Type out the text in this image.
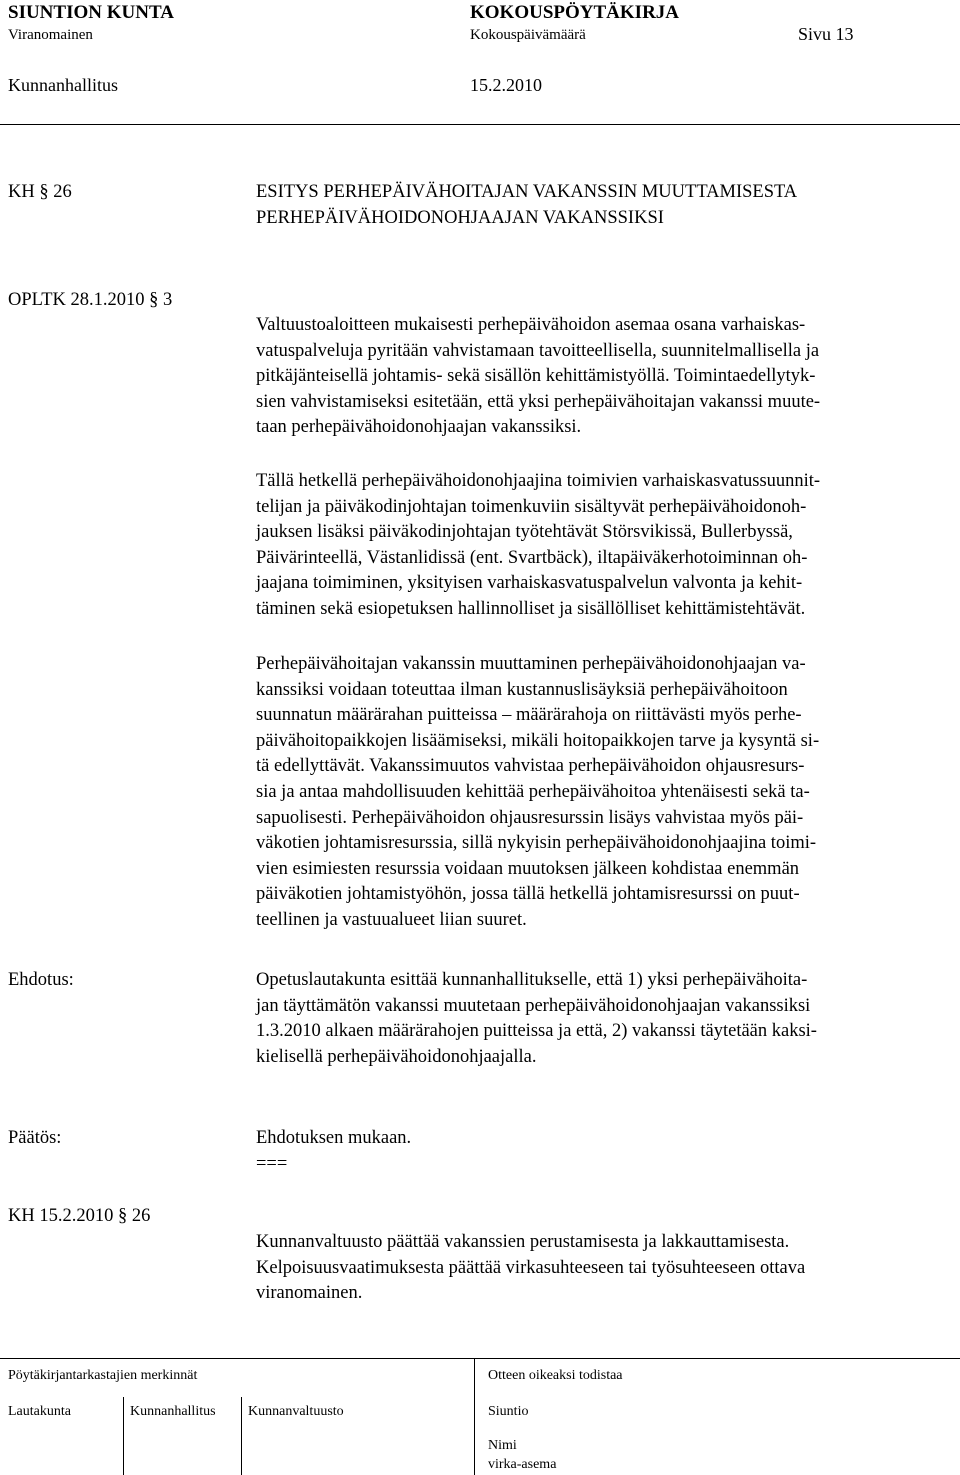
SIUNTION KUNTA	KOKOUSPÖYTÄKIRJA
Viranomainen	Kokouspäivämäärä	Sivu 13
Kunnanhallitus	15.2.2010
KH § 26	ESITYS PERHEPÄIVÄHOITAJAN VAKANSSIN MUUTTAMISESTA
PERHEPÄIVÄHOIDONOHJAAJAN VAKANSSIKSI
OPLTK 28.1.2010 § 3
Valtuustoaloitteen mukaisesti perhepäivähoidon asemaa osana varhaiskas-
vatuspalveluja pyritään vahvistamaan tavoitteellisella, suunnitelmallisella ja
pitkäjänteisellä johtamis- sekä sisällön kehittämistyöllä. Toimintaedellytyk-
sien vahvistamiseksi esitetään, että yksi perhepäivähoitajan vakanssi muute-
taan perhepäivähoidonohjaajan vakanssiksi.
Tällä hetkellä perhepäivähoidonohjaajina toimivien varhaiskasvatussuunnit-
telijan ja päiväkodinjohtajan toimenkuviin sisältyvät perhepäivähoidonoh-
jauksen lisäksi päiväkodinjohtajan työtehtävät Störsvikissä, Bullerbyssä,
Päivärinteellä, Västanlidissä (ent. Svartbäck), iltapäiväkerhotoiminnan oh-
jaajana toimiminen, yksityisen varhaiskasvatuspalvelun valvonta ja kehit-
täminen sekä esiopetuksen hallinnolliset ja sisällölliset kehittämistehtävät.
Perhepäivähoitajan vakanssin muuttaminen perhepäivähoidonohjaajan va-
kanssiksi voidaan toteuttaa ilman kustannuslisäyksiä perhepäivähoitoon
suunnatun määrärahan puitteissa – määrärahoja on riittävästi myös perhe-
päivähoitopaikkojen lisäämiseksi, mikäli hoitopaikkojen tarve ja kysyntä si-
tä edellyttävät. Vakanssimuutos vahvistaa perhepäivähoidon ohjausresurs-
sia ja antaa mahdollisuuden kehittää perhepäivähoitoa yhtenäisesti sekä ta-
sapuolisesti. Perhepäivähoidon ohjausresurssin lisäys vahvistaa myös päi-
väkotien johtamisresurssia, sillä nykyisin perhepäivähoidonohjaajina toimi-
vien esimiesten resurssia voidaan muutoksen jälkeen kohdistaa enemmän
päiväkotien johtamistyöhön, jossa tällä hetkellä johtamisresurssi on puut-
teellinen ja vastuualueet liian suuret.
Ehdotus:	Opetuslautakunta esittää kunnanhallitukselle, että 1) yksi perhepäivähoita-
jan täyttämätön vakanssi muutetaan perhepäivähoidonohjaajan vakanssiksi
1.3.2010 alkaen määrärahojen puitteissa ja että, 2) vakanssi täytetään kaksi-
kielisellä perhepäivähoidonohjaajalla.
Päätös:	Ehdotuksen mukaan.
===
KH 15.2.2010 § 26
Kunnanvaltuusto päättää vakanssien perustamisesta ja lakkauttamisesta.
Kelpoisuusvaatimuksesta päättää virkasuhteeseen tai työsuhteeseen ottava
viranomainen.
Pöytäkirjantarkastajien merkinnät	Otteen oikeaksi todistaa
Lautakunta	Kunnanhallitus Kunnanvaltuusto	Siuntio
Nimi
virka-asema
